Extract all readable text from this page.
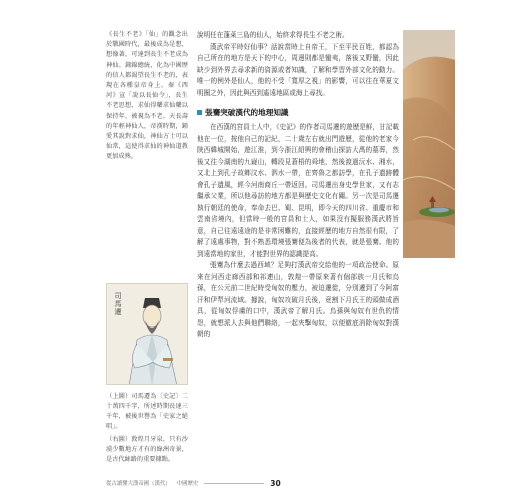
《長生不老》「仙」的觀念出於戰國時代，最後成為是想，想像著，可達到長生不老成為神仙。鐘錦總統，化為中國歷的信人都渴望長生不老的，表現在各種皇帝身上。秦《西河》宣「說以長仙令」，長生不老思想，求仙得藥求仙藥以保持年，被視為不老。天長壽的年輕神仙人，帝漢時期，鍾愛其說對求仙，神仙方士可以仙常，這使得求仙的神仙道教更加成熟。

司馬遷

（上圖）司馬遷為〔史記〕二十萬四千字，所述時期長達三千年，被後世譽為「史家之絕唱」。

（右圖）敦煌月牙泉，只有沙漠少數地方才有的綠洲奇景，是古代絲路的重要據點。

說明任在蓬萊三島的仙人，始終求得長生不老之術。

漢武帝平時好仙事？話說當時上自帝王，下至平民百姓，都認為自己所在的地方是天下的中心，周邊則都是蠻夷，落後又野蠻，因此缺少到外界去尋求新的資源或者知識，了解和學習外部文化的動力。唯一的例外是仙人，他的不受「寬厚之視」的影響，可以往在華夏文明圈之外，因此與西到遙遠地區或海上尋找。

張騫突破漢代的地理知識

在西漢的宮員士人中，《史記》的作者司馬遷的遊歷是鮮，甘記載他在一位，按他自己的記紀，二十歲左右就出門遊歷，從他的老家今陝西韓城開始，遊江淮，到今浙江紹興的會稽山探訪大禹的墓葬，然後又往今湖南的九嶷山，轉段見蒼梧的舜地，然後渡過沅水、湘水，又北上到孔子故鄉汶水、泗水一帶，在齊魯之都訪學，在孔子遺跡體會孔子遺風，經今河南商丘一帶返回。司馬遷出身史學世家，又有志繼承父業，所以他尋訪的地方都是與歷史文化有關。另一次是司馬遷執行朝廷的使命，奉命去巴、蜀、昆明，即今天的四川省、重慶市和雲南省境內，但當時一般的宮員和士人，如果沒有擬服務漢武將旨意，自己往遠遠途的是非常困難的，直接經歷的地方自然很有限，了解了遠處事物，對不熟悉環境張騫便為後者的代表，就是張騫。他的到遠當地的家世，才能對世界的認識提高。

張騫為什麼去過西域？足夠打漢武帝交給他的一項政治使命。原來在河西走廊西部和祁連山，敦煌一帶原來著有個部族一月氏和烏孫，在公元前二世紀時受匈奴的壓力，被迫遷徙，分別遷到了今阿富汗和伊犁河流域。據說，匈奴攻破月氏後，竟割下月氏王的頭做成酒具，從匈奴俘虜的口中，漢武帝了解月氏。烏孫與匈奴有世仇的情怨，就想派人去與他們聯絡，一起夾擊匈奴，以便徹底消除匈奴對漢朝的

從古讀懂大漢帝國（漢代） 中國歷史	30
